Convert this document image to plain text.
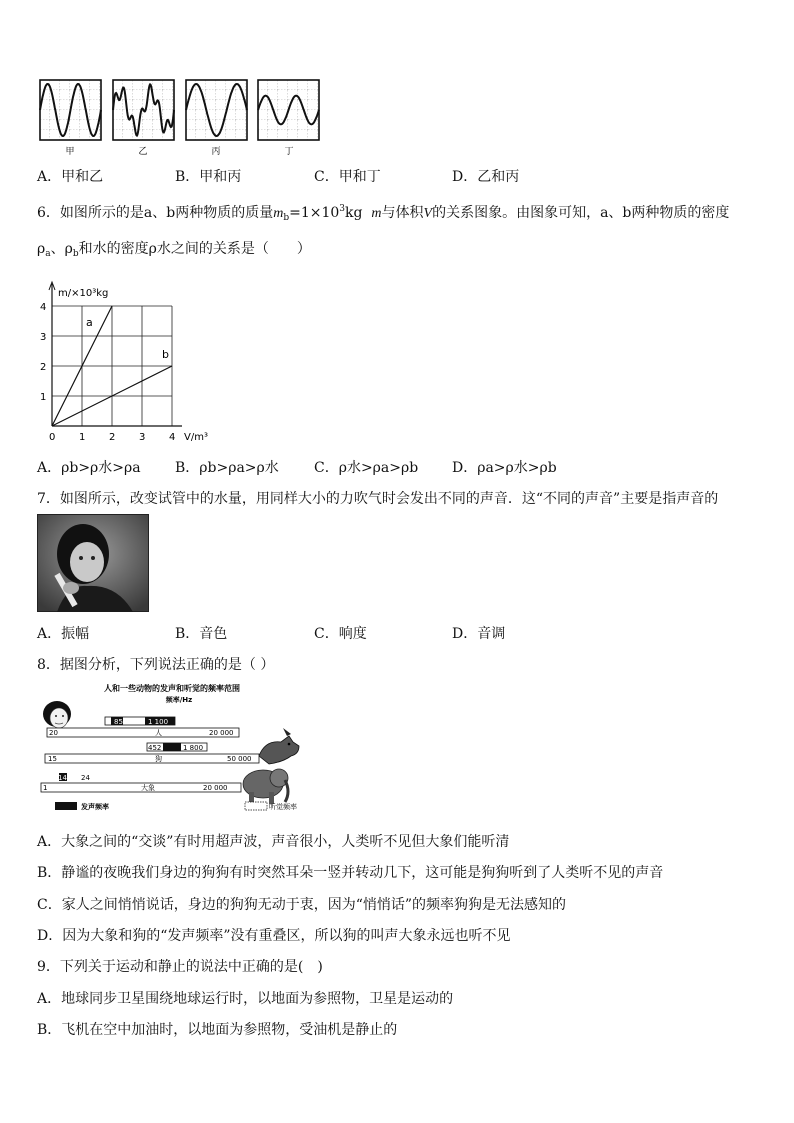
甲	乙	丙	丁
A．甲和乙	B．甲和丙	C．甲和丁	D．乙和丙
6．如图所示的是a、b两种物质的质量$m_b=1\times 10^3kg$ m与体积V的关系图象。由图象可知，a、b两种物质的密度
$\rho_a$、$\rho_b$和水的密度ρ水之间的关系是（　　）
a
b
0 1 2 3 4
1
2
3
4
m/×10³kg
V/m³
A．ρb>ρ水>ρa B．ρb>ρa>ρ水	C．ρ水>ρa>ρb D．ρa>ρ水>ρb
7．如图所示，改变试管中的水量，用同样大小的力吹气时会发出不同的声音．这“不同的声音”主要是指声音的
A．振幅	B．音色	C．响度	D．音调
8．据图分析，下列说法正确的是（ ）
人和一些动物的发声和听觉的频率范围
频率/Hz
85	1 100
20	人	20 000
452	1 800
15	狗	50 000
14 24
1	大象	20 000
发声频率	听觉频率
A．大象之间的“交谈”有时用超声波，声音很小，人类听不见但大象们能听清
B．静谧的夜晚我们身边的狗狗有时突然耳朵一竖并转动几下，这可能是狗狗听到了人类听不见的声音
C．家人之间悄悄说话，身边的狗狗无动于衷，因为“悄悄话”的频率狗狗是无法感知的
D．因为大象和狗的“发声频率”没有重叠区，所以狗的叫声大象永远也听不见
9．下列关于运动和静止的说法中正确的是(　)
A．地球同步卫星围绕地球运行时，以地面为参照物，卫星是运动的
B．飞机在空中加油时，以地面为参照物，受油机是静止的
